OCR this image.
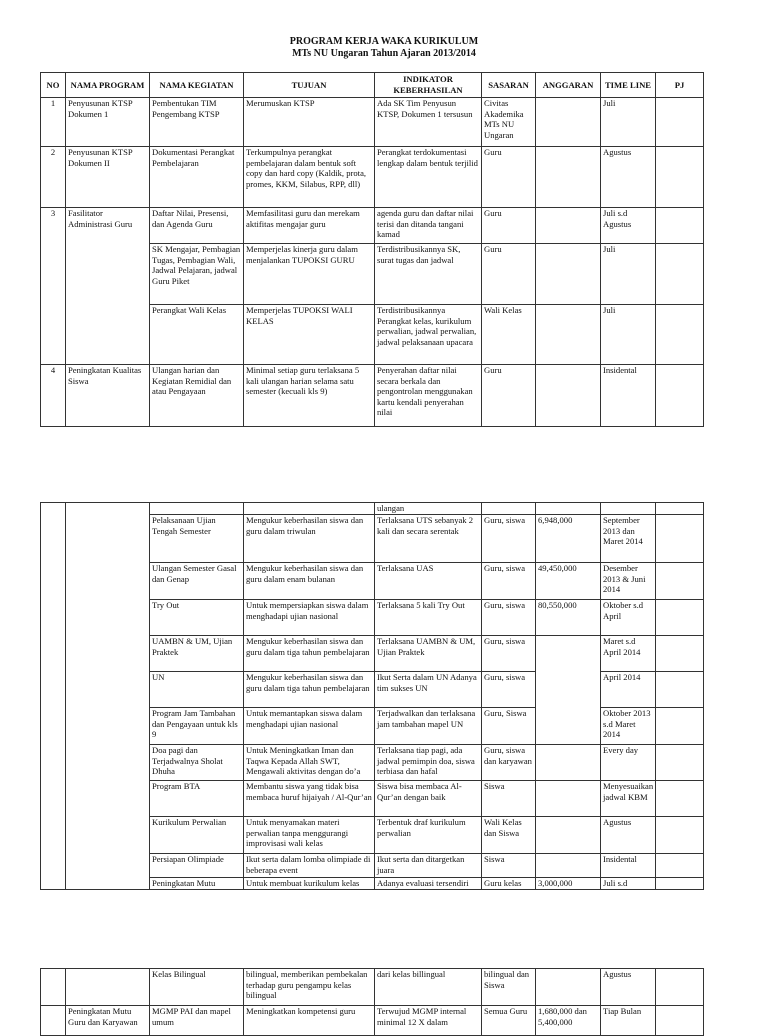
PROGRAM KERJA WAKA KURIKULUM
MTs NU Ungaran Tahun Ajaran 2013/2014
NO	NAMA PROGRAM	NAMA KEGIATAN	TUJUAN	INDIKATOR KEBERHASILAN	SASARAN	ANGGARAN	TIME LINE	PJ
1	Penyusunan KTSP Dokumen 1	Pembentukan TIM Pengembang KTSP	Merumuskan KTSP	Ada SK Tim Penyusun KTSP, Dokumen 1 tersusun	Civitas Akademika MTs NU Ungaran		Juli	
2	Penyusunan KTSP Dokumen II	Dokumentasi Perangkat Pembelajaran	Terkumpulnya perangkat pembelajaran dalam bentuk soft copy dan hard copy (Kaldik, prota, promes, KKM, Silabus, RPP, dll)	Perangkat terdokumentasi lengkap dalam bentuk terjilid	Guru		Agustus	
3	Fasilitator Administrasi Guru	Daftar Nilai, Presensi, dan Agenda Guru	Memfasilitasi guru dan merekam aktifitas mengajar guru	agenda guru dan daftar nilai terisi dan ditanda tangani kamad	Guru		Juli s.d Agustus	
		SK Mengajar, Pembagian Tugas, Pembagian Wali, Jadwal Pelajaran, jadwal Guru Piket	Memperjelas kinerja guru dalam menjalankan TUPOKSI GURU	Terdistribusikannya SK, surat tugas dan jadwal	Guru		Juli	
		Perangkat Wali Kelas	Memperjelas TUPOKSI WALI KELAS	Terdistribusikannya Perangkat kelas, kurikulum perwalian, jadwal perwalian, jadwal pelaksanaan upacara	Wali Kelas		Juli	
4	Peningkatan Kualitas Siswa	Ulangan harian dan Kegiatan Remidial dan atau Pengayaan	Minimal setiap guru terlaksana 5 kali ulangan harian selama satu semester (kecuali kls 9)	Penyerahan daftar nilai secara berkala dan pengontrolan menggunakan kartu kendali penyerahan nilai	Guru		Insidental	
				ulangan				
		Pelaksanaan Ujian Tengah Semester	Mengukur keberhasilan siswa dan guru dalam triwulan	Terlaksana UTS sebanyak 2 kali dan secara serentak	Guru, siswa	6,948,000	September 2013 dan Maret 2014	
		Ulangan Semester Gasal dan Genap	Mengukur keberhasilan siswa dan guru dalam enam bulanan	Terlaksana UAS	Guru, siswa	49,450,000	Desember 2013 & Juni 2014	
		Try Out	Untuk mempersiapkan siswa dalam menghadapi ujian nasional	Terlaksana 5 kali Try Out	Guru, siswa	80,550,000	Oktober s.d April	
		UAMBN & UM, Ujian Praktek	Mengukur keberhasilan siswa dan guru dalam tiga tahun pembelajaran	Terlaksana UAMBN & UM, Ujian Praktek	Guru, siswa		Maret s.d April 2014	
		UN	Mengukur keberhasilan siswa dan guru dalam tiga tahun pembelajaran	Ikut Serta dalam UN Adanya tim sukses UN	Guru, siswa		April 2014	
		Program Jam Tambahan dan Pengayaan untuk kls 9	Untuk memantapkan siswa dalam menghadapi ujian nasional	Terjadwalkan dan terlaksana jam tambahan mapel UN	Guru, Siswa		Oktober 2013 s.d Maret 2014	
		Doa pagi dan Terjadwalnya Sholat Dhuha	Untuk Meningkatkan Iman dan Taqwa Kepada Allah SWT, Mengawali aktivitas dengan do’a	Terlaksana tiap pagi, ada jadwal pemimpin doa, siswa terbiasa dan hafal	Guru, siswa dan karyawan		Every day	
		Program BTA	Membantu siswa yang tidak bisa membaca huruf hijaiyah / Al-Qur’an	Siswa bisa membaca Al-Qur’an dengan baik	Siswa		Menyesuaikan jadwal KBM	
		Kurikulum Perwalian	Untuk menyamakan materi perwalian tanpa menggurangi improvisasi wali kelas	Terbentuk draf kurikulum perwalian	Wali Kelas dan Siswa		Agustus	
		Persiapan Olimpiade	Ikut serta dalam lomba olimpiade di beberapa event	Ikut serta dan ditargetkan juara	Siswa		Insidental	
		Peningkatan Mutu	Untuk membuat kurikulum kelas	Adanya evaluasi tersendiri	Guru kelas	3,000,000	Juli s.d	
		Kelas Bilingual	bilingual, memberikan pembekalan terhadap guru pengampu kelas bilingual	dari kelas billingual	bilingual dan Siswa		Agustus	
	Peningkatan Mutu Guru dan Karyawan	MGMP PAI dan mapel umum	Meningkatkan kompetensi guru	Terwujud MGMP internal minimal 12 X dalam	Semua Guru	1,680,000 dan 5,400,000	Tiap Bulan	
